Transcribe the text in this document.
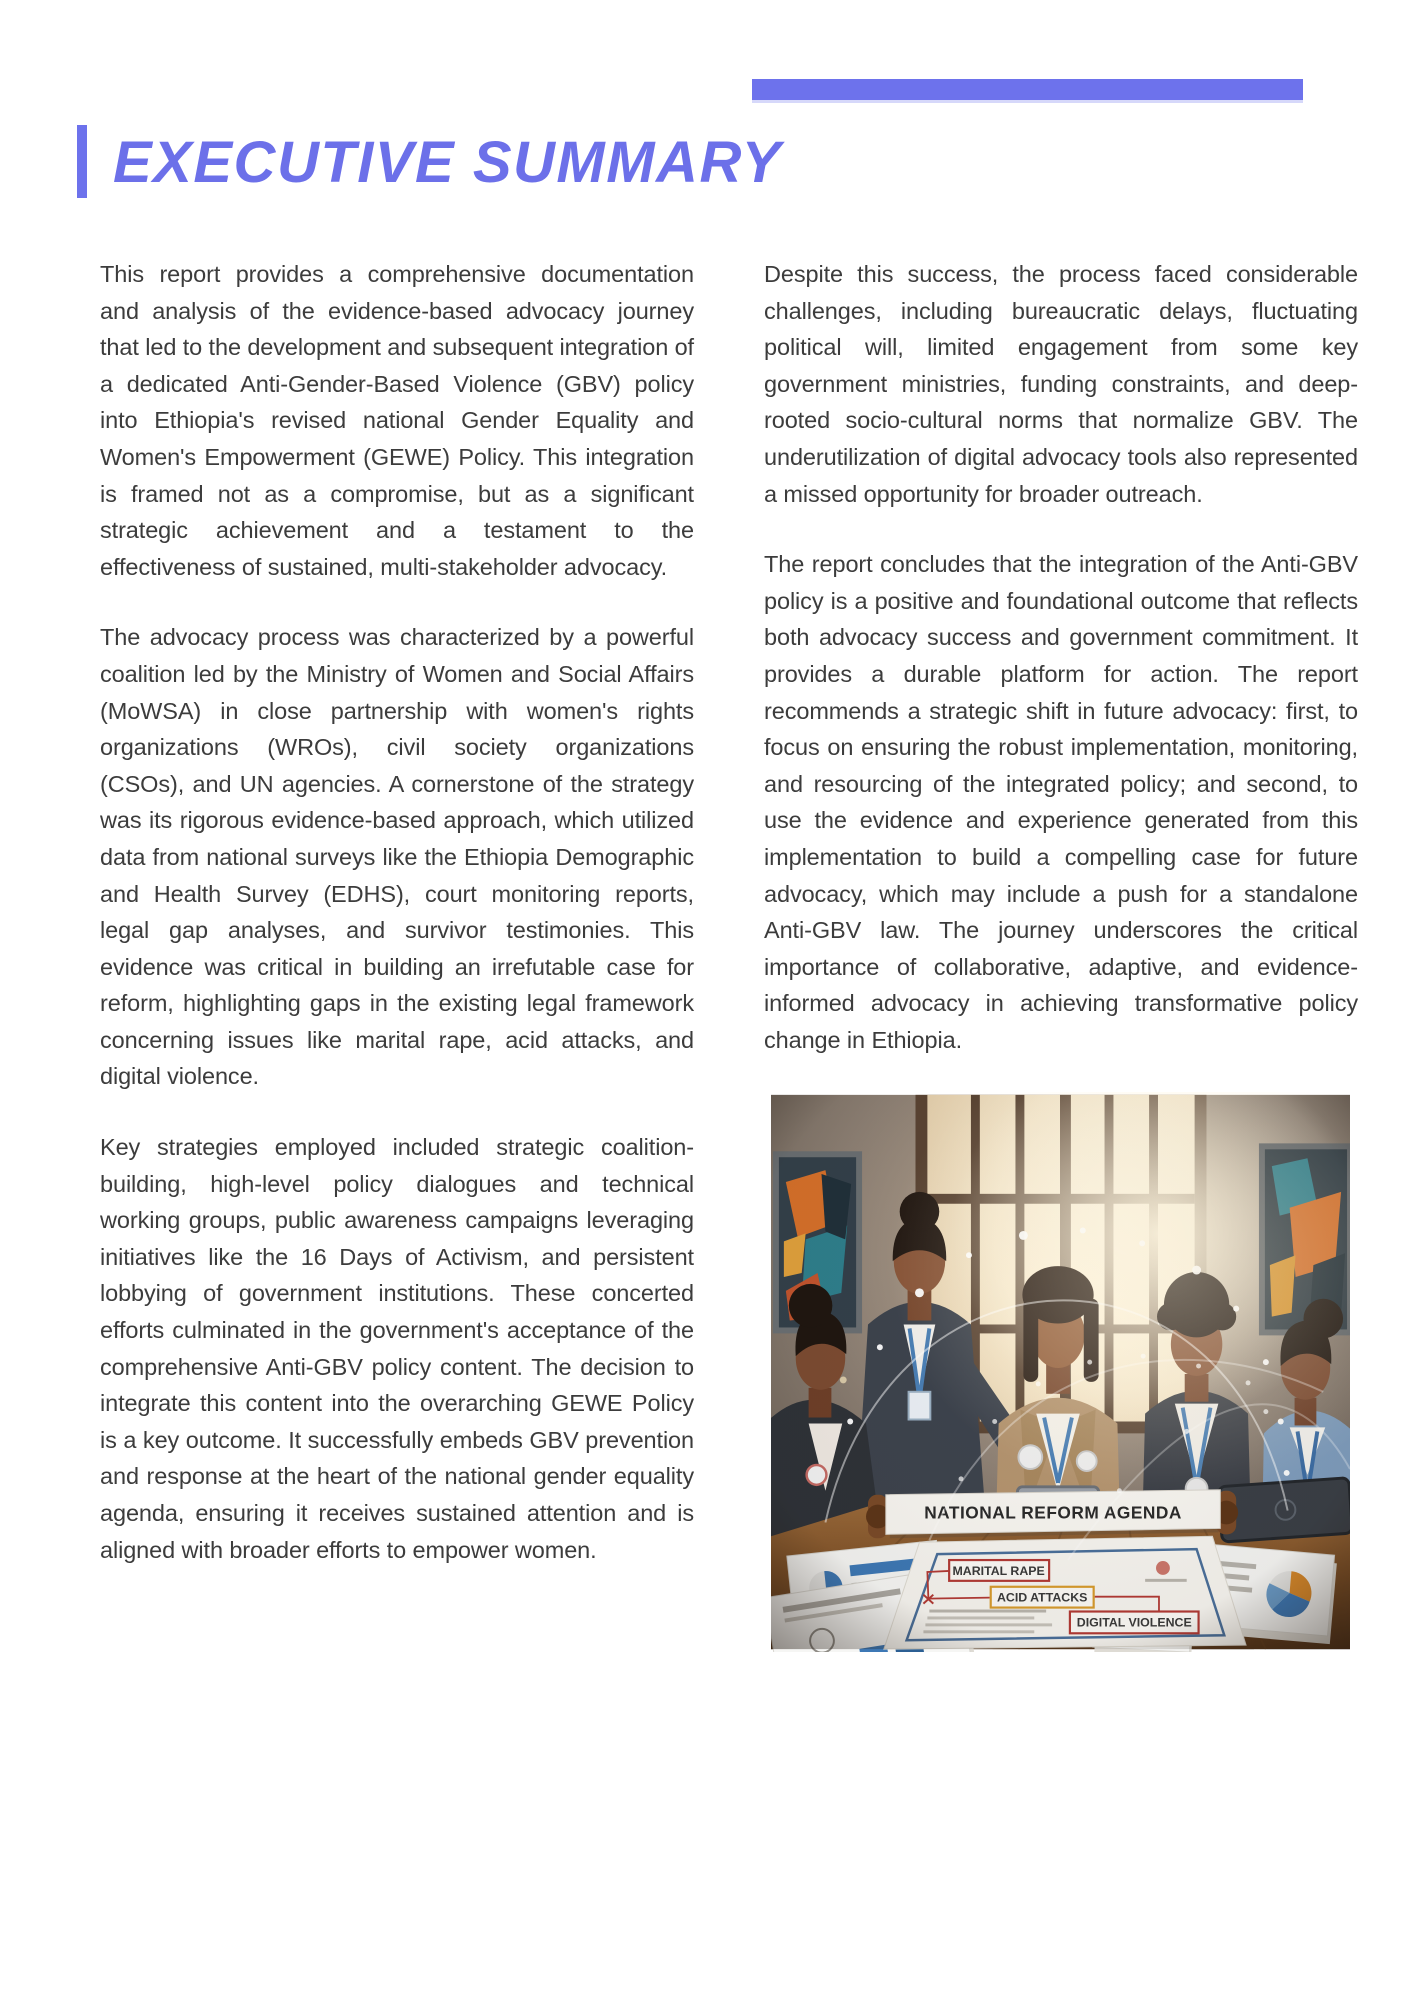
EXECUTIVE SUMMARY

This report provides a comprehensive documentation and analysis of the evidence-based advocacy journey that led to the development and subsequent integration of a dedicated Anti-Gender-Based Violence (GBV) policy into Ethiopia's revised national Gender Equality and Women's Empowerment (GEWE) Policy. This integration is framed not as a compromise, but as a significant strategic achievement and a testament to the effectiveness of sustained, multi-stakeholder advocacy.

The advocacy process was characterized by a powerful coalition led by the Ministry of Women and Social Affairs (MoWSA) in close partnership with women's rights organizations (WROs), civil society organizations (CSOs), and UN agencies. A cornerstone of the strategy was its rigorous evidence-based approach, which utilized data from national surveys like the Ethiopia Demographic and Health Survey (EDHS), court monitoring reports, legal gap analyses, and survivor testimonies. This evidence was critical in building an irrefutable case for reform, highlighting gaps in the existing legal framework concerning issues like marital rape, acid attacks, and digital violence.

Key strategies employed included strategic coalition-building, high-level policy dialogues and technical working groups, public awareness campaigns leveraging initiatives like the 16 Days of Activism, and persistent lobbying of government institutions. These concerted efforts culminated in the government's acceptance of the comprehensive Anti-GBV policy content. The decision to integrate this content into the overarching GEWE Policy is a key outcome. It successfully embeds GBV prevention and response at the heart of the national gender equality agenda, ensuring it receives sustained attention and is aligned with broader efforts to empower women.

Despite this success, the process faced considerable challenges, including bureaucratic delays, fluctuating political will, limited engagement from some key government ministries, funding constraints, and deep-rooted socio-cultural norms that normalize GBV. The underutilization of digital advocacy tools also represented a missed opportunity for broader outreach.

The report concludes that the integration of the Anti-GBV policy is a positive and foundational outcome that reflects both advocacy success and government commitment. It provides a durable platform for action. The report recommends a strategic shift in future advocacy: first, to focus on ensuring the robust implementation, monitoring, and resourcing of the integrated policy; and second, to use the evidence and experience generated from this implementation to build a compelling case for future advocacy, which may include a push for a standalone Anti-GBV law. The journey underscores the critical importance of collaborative, adaptive, and evidence-informed advocacy in achieving transformative policy change in Ethiopia.
